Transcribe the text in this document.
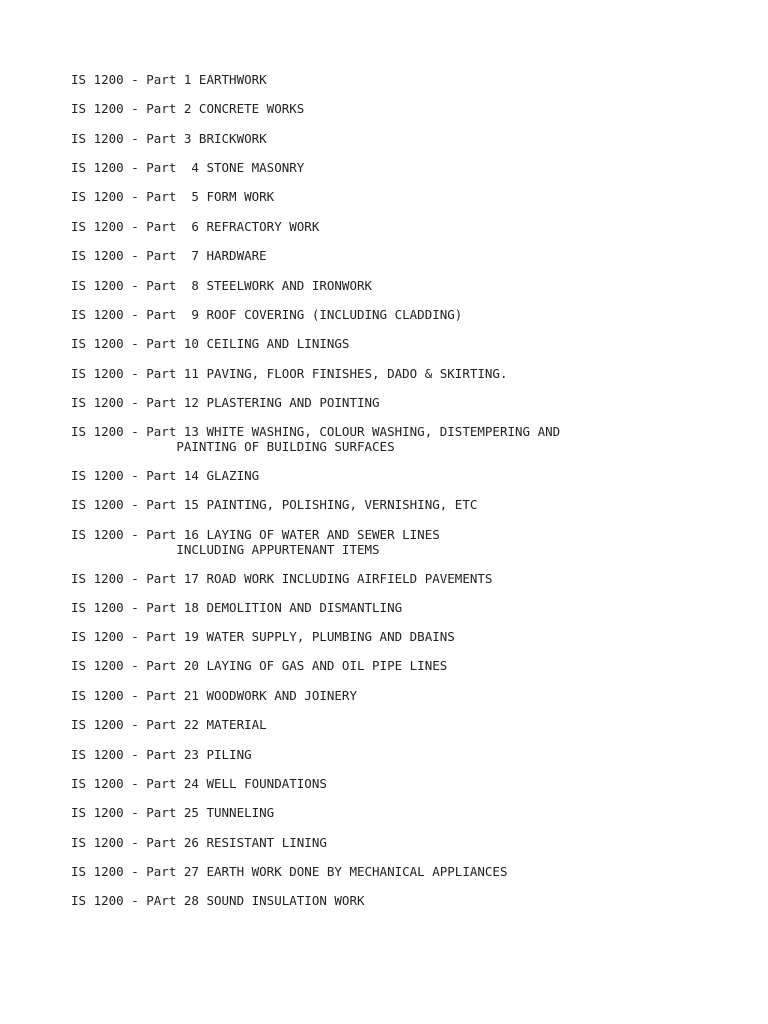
IS 1200 - Part 1 EARTHWORK

IS 1200 - Part 2 CONCRETE WORKS

IS 1200 - Part 3 BRICKWORK

IS 1200 - Part  4 STONE MASONRY

IS 1200 - Part  5 FORM WORK

IS 1200 - Part  6 REFRACTORY WORK

IS 1200 - Part  7 HARDWARE

IS 1200 - Part  8 STEELWORK AND IRONWORK

IS 1200 - Part  9 ROOF COVERING (INCLUDING CLADDING)

IS 1200 - Part 10 CEILING AND LININGS

IS 1200 - Part 11 PAVING, FLOOR FINISHES, DADO & SKIRTING.

IS 1200 - Part 12 PLASTERING AND POINTING

IS 1200 - Part 13 WHITE WASHING, COLOUR WASHING, DISTEMPERING AND
PAINTING OF BUILDING SURFACES

IS 1200 - Part 14 GLAZING

IS 1200 - Part 15 PAINTING, POLISHING, VERNISHING, ETC

IS 1200 - Part 16 LAYING OF WATER AND SEWER LINES
INCLUDING APPURTENANT ITEMS

IS 1200 - Part 17 ROAD WORK INCLUDING AIRFIELD PAVEMENTS

IS 1200 - Part 18 DEMOLITION AND DISMANTLING

IS 1200 - Part 19 WATER SUPPLY, PLUMBING AND DBAINS

IS 1200 - Part 20 LAYING OF GAS AND OIL PIPE LINES

IS 1200 - Part 21 WOODWORK AND JOINERY

IS 1200 - Part 22 MATERIAL

IS 1200 - Part 23 PILING

IS 1200 - Part 24 WELL FOUNDATIONS

IS 1200 - Part 25 TUNNELING

IS 1200 - Part 26 RESISTANT LINING

IS 1200 - Part 27 EARTH WORK DONE BY MECHANICAL APPLIANCES

IS 1200 - PArt 28 SOUND INSULATION WORK
